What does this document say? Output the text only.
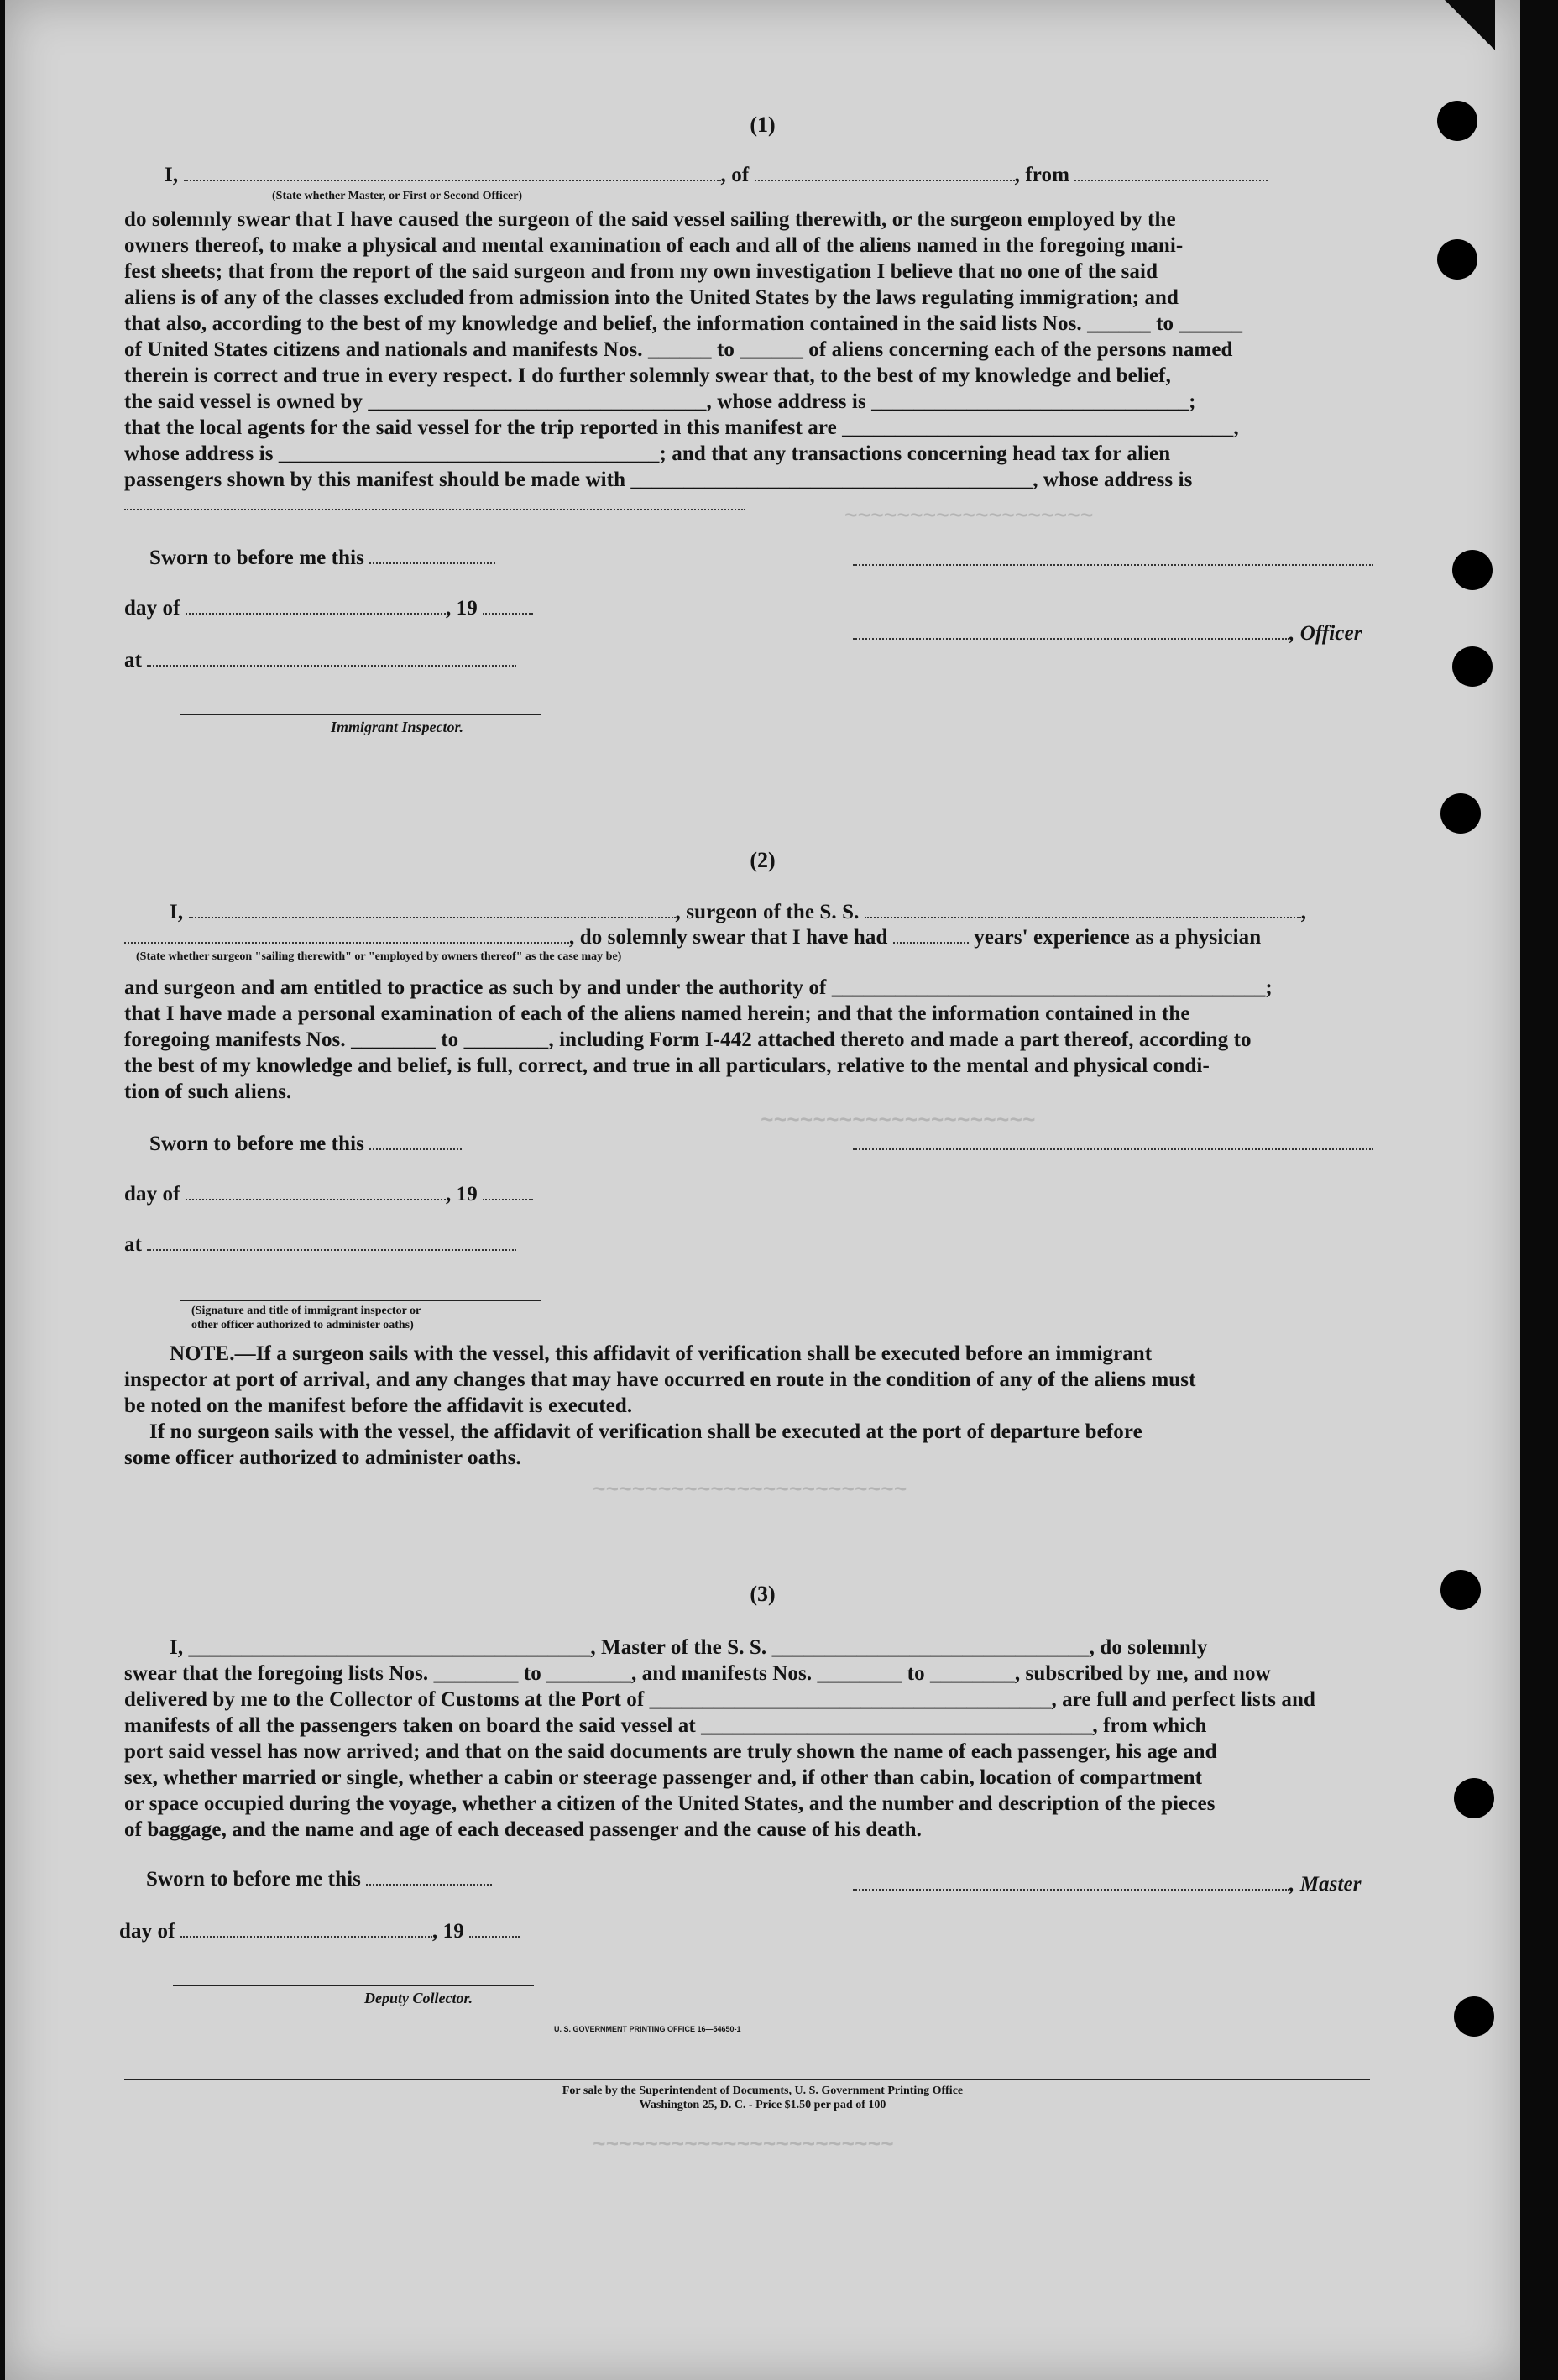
~~~~~~~~~~~~~~~~~~~
~~~~~~~~~~~~~~~~~~~~~
~~~~~~~~~~~~~~~~~~~~~~~~
~~~~~~~~~~~~~~~~~~~~~~~
(1)
I,	, of	, from
(State whether Master, or First or Second Officer)
do solemnly swear that I have caused the surgeon of the said vessel sailing therewith, or the surgeon employed by the
owners thereof, to make a physical and mental examination of each and all of the aliens named in the foregoing mani-
fest sheets; that from the report of the said surgeon and from my own investigation I believe that no one of the said
aliens is of any of the classes excluded from admission into the United States by the laws regulating immigration; and
that also, according to the best of my knowledge and belief, the information contained in the said lists Nos. ______ to ______
of United States citizens and nationals and manifests Nos. ______ to ______ of aliens concerning each of the persons named
therein is correct and true in every respect. I do further solemnly swear that, to the best of my knowledge and belief,
the said vessel is owned by ________________________________, whose address is ______________________________;
that the local agents for the said vessel for the trip reported in this manifest are _____________________________________,
whose address is ____________________________________; and that any transactions concerning head tax for alien
passengers shown by this manifest should be made with ______________________________________, whose address is
Sworn to before me this
day of	, 19
, Officer
at
Immigrant Inspector.
(2)
I,	, surgeon of the S. S.	,
, do solemnly swear that I have had	years' experience as a physician
(State whether surgeon "sailing therewith" or "employed by owners thereof" as the case may be)
and surgeon and am entitled to practice as such by and under the authority of _________________________________________;
that I have made a personal examination of each of the aliens named herein; and that the information contained in the
foregoing manifests Nos. ________ to ________, including Form I-442 attached thereto and made a part thereof, according to
the best of my knowledge and belief, is full, correct, and true in all particulars, relative to the mental and physical condi-
tion of such aliens.
Sworn to before me this
day of	, 19
at
(Signature and title of immigrant inspector or
other officer authorized to administer oaths)
NOTE.—If a surgeon sails with the vessel, this affidavit of verification shall be executed before an immigrant
inspector at port of arrival, and any changes that may have occurred en route in the condition of any of the aliens must
be noted on the manifest before the affidavit is executed.
If no surgeon sails with the vessel, the affidavit of verification shall be executed at the port of departure before
some officer authorized to administer oaths.
(3)
I, ______________________________________, Master of the S. S. ______________________________, do solemnly
swear that the foregoing lists Nos. ________ to ________, and manifests Nos. ________ to ________, subscribed by me, and now
delivered by me to the Collector of Customs at the Port of ______________________________________, are full and perfect lists and
manifests of all the passengers taken on board the said vessel at _____________________________________, from which
port said vessel has now arrived; and that on the said documents are truly shown the name of each passenger, his age and
sex, whether married or single, whether a cabin or steerage passenger and, if other than cabin, location of compartment
or space occupied during the voyage, whether a citizen of the United States, and the number and description of the pieces
of baggage, and the name and age of each deceased passenger and the cause of his death.
Sworn to before me this	, Master
day of	, 19
Deputy Collector.
U. S. GOVERNMENT PRINTING OFFICE 16—54650-1
For sale by the Superintendent of Documents, U. S. Government Printing Office
Washington 25, D. C. - Price $1.50 per pad of 100
